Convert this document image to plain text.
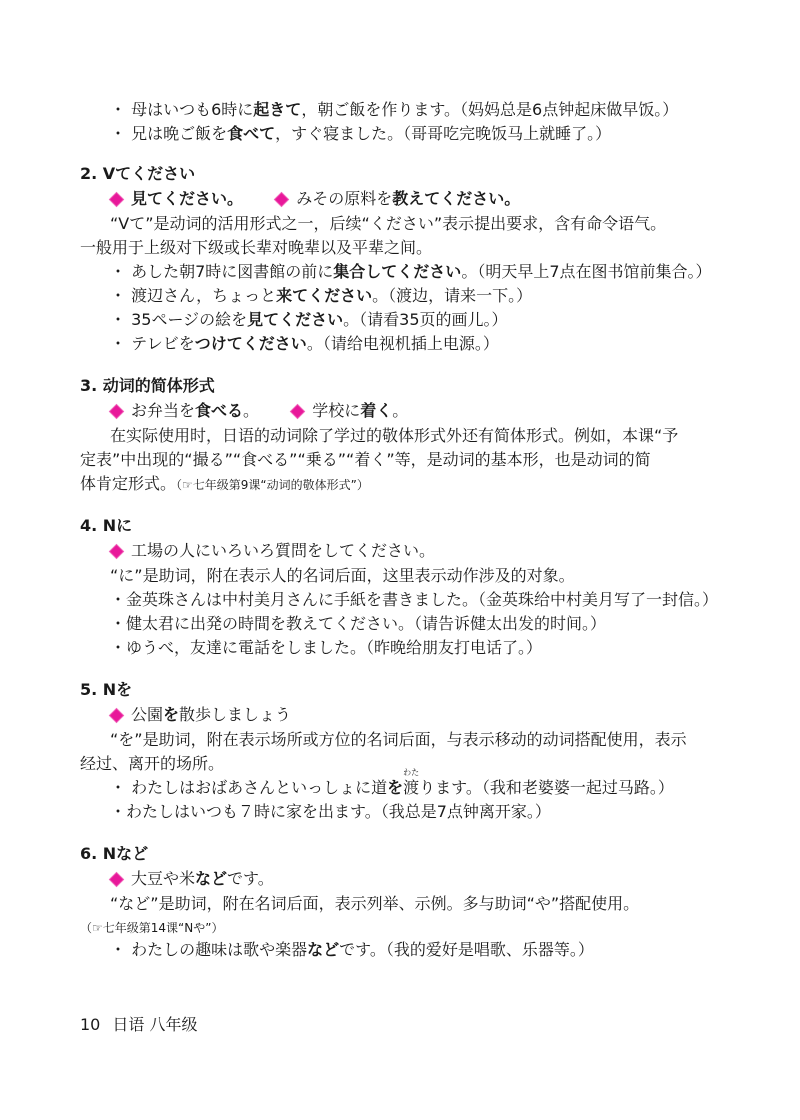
・ 母はいつも6時に起きて，朝ご飯を作ります。（妈妈总是6点钟起床做早饭。）
・ 兄は晩ご飯を食べて，すぐ寝ました。（哥哥吃完晚饭马上就睡了。）
2. Vてください
見てください。	みその原料を教えてください。
“Vて”是动词的活用形式之一，后续“ください”表示提出要求，含有命令语气。
一般用于上级对下级或长辈对晚辈以及平辈之间。
・ あした朝7時に図書館の前に集合してください。（明天早上7点在图书馆前集合。）
・ 渡辺さん，ちょっと来てください。（渡边，请来一下。）
・ 35ページの絵を見てください。（请看35页的画儿。）
・ テレビをつけてください。（请给电视机插上电源。）
3. 动词的简体形式
お弁当を食べる。	学校に着く。
在实际使用时，日语的动词除了学过的敬体形式外还有简体形式。例如，本课“予
定表”中出现的“撮る”“食べる”“乗る”“着く”等，是动词的基本形，也是动词的简
体肯定形式。（☞七年级第9课“动词的敬体形式”）
4. Nに
工場の人にいろいろ質問をしてください。
“に”是助词，附在表示人的名词后面，这里表示动作涉及的对象。
・ 金英珠さんは中村美月さんに手紙を書きました。（金英珠给中村美月写了一封信。）
・ 健太君に出発の時間を教えてください。（请告诉健太出发的时间。）
・ ゆうべ，友達に電話をしました。（昨晚给朋友打电话了。）
5. Nを
公園を散歩しましょう
“を”是助词，附在表示场所或方位的名词后面，与表示移动的动词搭配使用，表示
经过、离开的场所。
・ わたしはおばあさんといっしょに道を渡
わた
ります。（我和老婆婆一起过马路。）
・ わたしはいつも７時に家を出ます。（我总是7点钟离开家。）
6. Nなど
大豆や米などです。
“など”是助词，附在名词后面，表示列举、示例。多与助词“や”搭配使用。
（☞七年级第14课“Nや”）
・ わたしの趣味は歌や楽器などです。（我的爱好是唱歌、乐器等。）
10 日语 八年级
